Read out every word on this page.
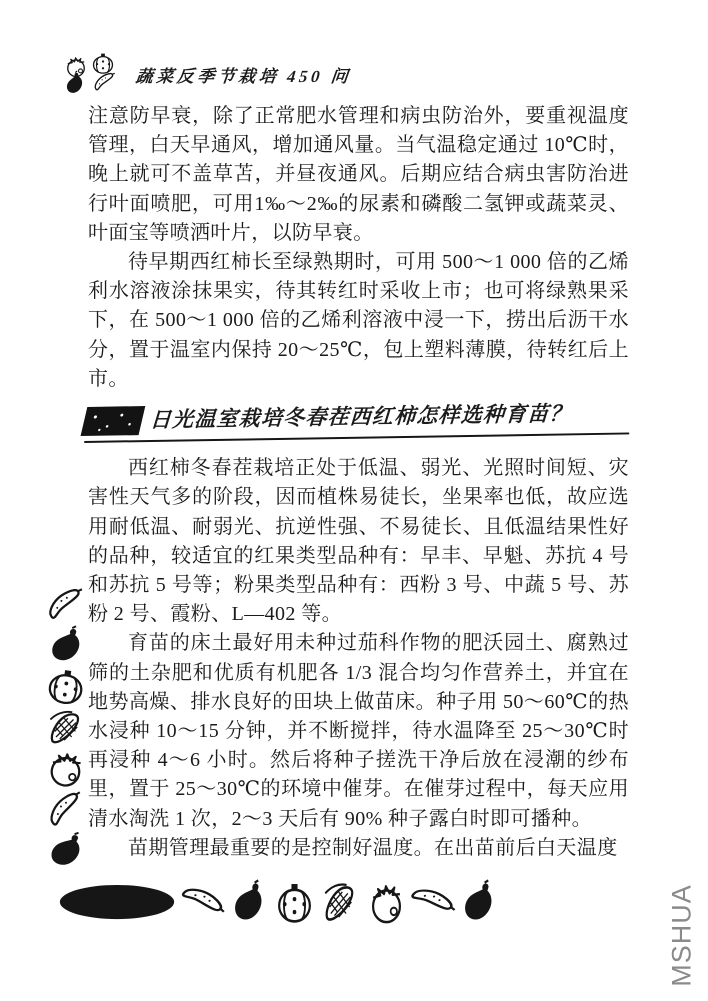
蔬菜反季节栽培 450 问

注意防早衰，除了正常肥水管理和病虫防治外，要重视温度管理，白天早通风，增加通风量。当气温稳定通过 10℃时，晚上就可不盖草苫，并昼夜通风。后期应结合病虫害防治进行叶面喷肥，可用1‰～2‰的尿素和磷酸二氢钾或蔬菜灵、叶面宝等喷洒叶片，以防早衰。

待早期西红柿长至绿熟期时，可用 500～1 000 倍的乙烯利水溶液涂抹果实，待其转红时采收上市；也可将绿熟果采下，在 500～1 000 倍的乙烯利溶液中浸一下，捞出后沥干水分，置于温室内保持 20～25℃，包上塑料薄膜，待转红后上市。

日光温室栽培冬春茬西红柿怎样选种育苗？

西红柿冬春茬栽培正处于低温、弱光、光照时间短、灾害性天气多的阶段，因而植株易徒长，坐果率也低，故应选用耐低温、耐弱光、抗逆性强、不易徒长、且低温结果性好的品种，较适宜的红果类型品种有：早丰、早魁、苏抗 4 号和苏抗 5 号等；粉果类型品种有：西粉 3 号、中蔬 5 号、苏粉 2 号、霞粉、L—402 等。

育苗的床土最好用未种过茄科作物的肥沃园土、腐熟过筛的土杂肥和优质有机肥各 1/3 混合均匀作营养土，并宜在地势高燥、排水良好的田块上做苗床。种子用 50～60℃的热水浸种 10～15 分钟，并不断搅拌，待水温降至 25～30℃时再浸种 4～6 小时。然后将种子搓洗干净后放在浸潮的纱布里，置于 25～30℃的环境中催芽。在催芽过程中，每天应用清水淘洗 1 次，2～3 天后有 90% 种子露白时即可播种。

苗期管理最重要的是控制好温度。在出苗前后白天温度

MSHUA
